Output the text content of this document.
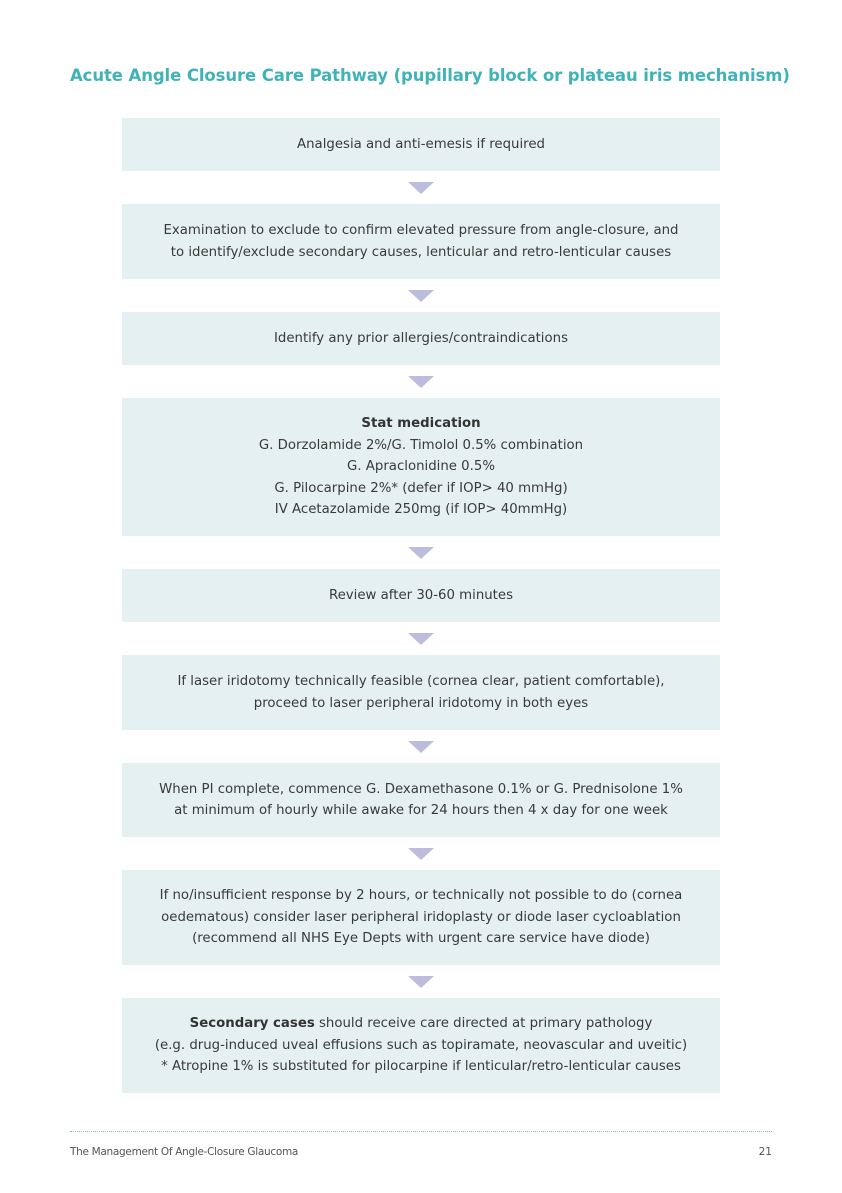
Acute Angle Closure Care Pathway (pupillary block or plateau iris mechanism)
Analgesia and anti-emesis if required
Examination to exclude to confirm elevated pressure from angle-closure, and
to identify/exclude secondary causes, lenticular and retro-lenticular causes
Identify any prior allergies/contraindications
Stat medication
G. Dorzolamide 2%/G. Timolol 0.5% combination
G. Apraclonidine 0.5%
G. Pilocarpine 2%* (defer if IOP> 40 mmHg)
IV Acetazolamide 250mg (if IOP> 40mmHg)
Review after 30-60 minutes
If laser iridotomy technically feasible (cornea clear, patient comfortable),
proceed to laser peripheral iridotomy in both eyes
When PI complete, commence G. Dexamethasone 0.1% or G. Prednisolone 1%
at minimum of hourly while awake for 24 hours then 4 x day for one week
If no/insufficient response by 2 hours, or technically not possible to do (cornea
oedematous) consider laser peripheral iridoplasty or diode laser cycloablation
(recommend all NHS Eye Depts with urgent care service have diode)
Secondary cases should receive care directed at primary pathology
(e.g. drug-induced uveal effusions such as topiramate, neovascular and uveitic)
* Atropine 1% is substituted for pilocarpine if lenticular/retro-lenticular causes
The Management Of Angle-Closure Glaucoma	21
